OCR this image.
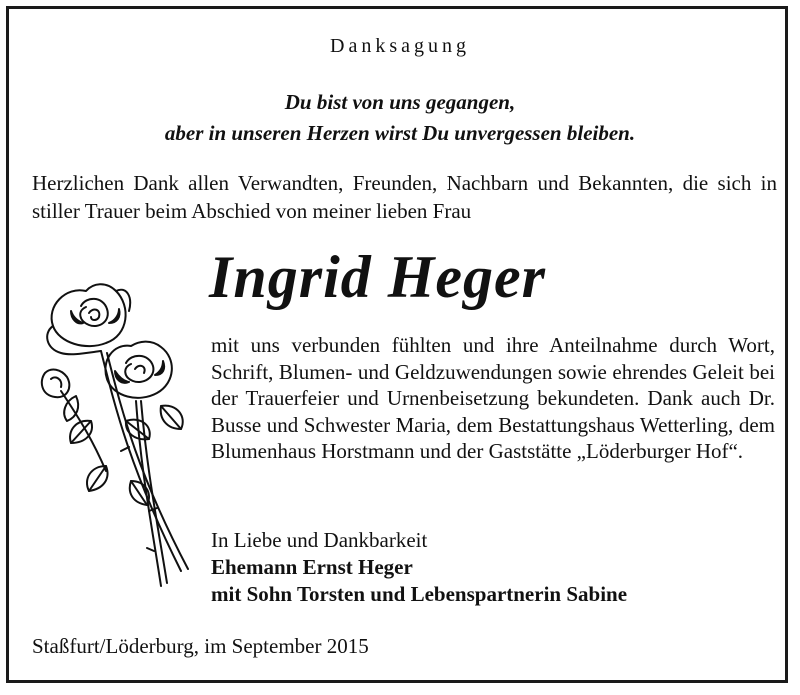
Danksagung
Du bist von uns gegangen,
aber in unseren Herzen wirst Du unvergessen bleiben.
Herzlichen Dank allen Verwandten, Freunden, Nachbarn und Bekannten, die sich in stiller Trauer beim Abschied von meiner lieben Frau
Ingrid Heger
mit uns verbunden fühlten und ihre Anteilnahme durch Wort, Schrift, Blumen- und Geldzuwendungen sowie ehrendes Geleit bei der Trauerfeier und Urnenbeisetzung bekundeten. Dank auch Dr. Busse und Schwester Maria, dem Bestattungshaus Wetterling, dem Blumenhaus Horstmann und der Gaststätte „Löderburger Hof“.
In Liebe und Dankbarkeit
Ehemann Ernst Heger
mit Sohn Torsten und Lebenspartnerin Sabine
Staßfurt/Löderburg, im September 2015
